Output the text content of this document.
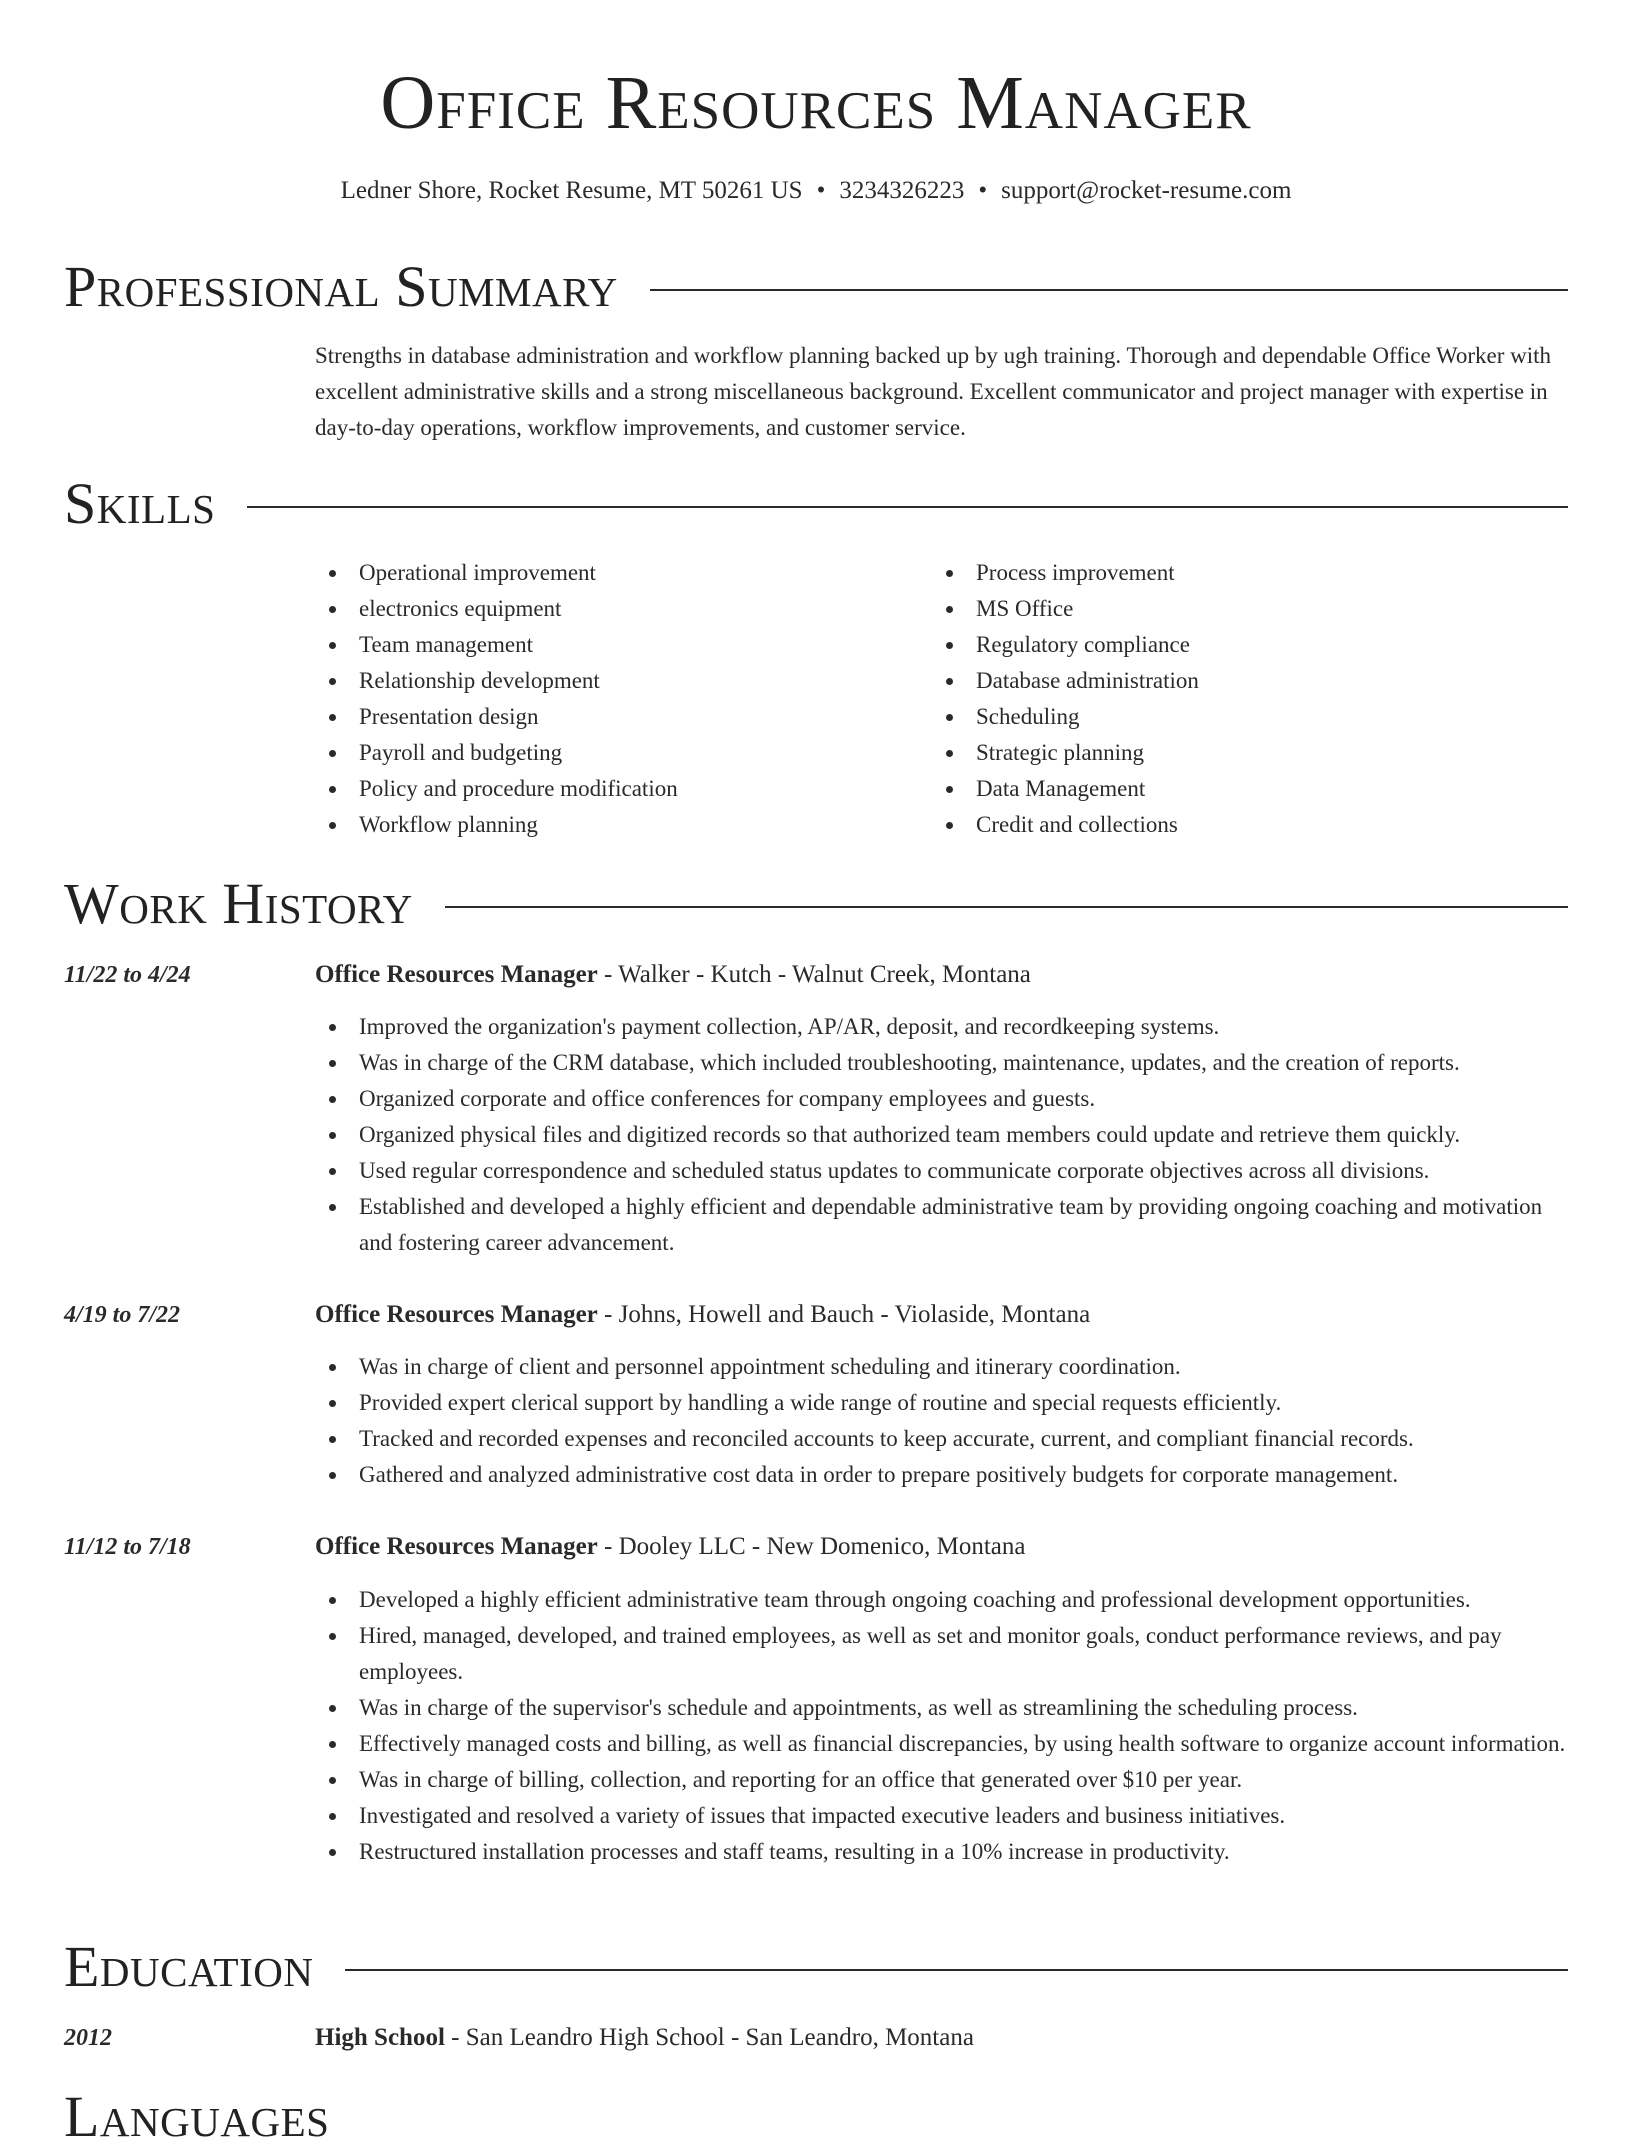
Office Resources Manager
Ledner Shore, Rocket Resume, MT 50261 US • 3234326223 • support@rocket-resume.com
Professional Summary
Strengths in database administration and workflow planning backed up by ugh training. Thorough and dependable Office Worker with excellent administrative skills and a strong miscellaneous background. Excellent communicator and project manager with expertise in day-to-day operations, workflow improvements, and customer service.
Skills
Operational improvement
electronics equipment
Team management
Relationship development
Presentation design
Payroll and budgeting
Policy and procedure modification
Workflow planning
Process improvement
MS Office
Regulatory compliance
Database administration
Scheduling
Strategic planning
Data Management
Credit and collections
Work History
11/22 to 4/24	Office Resources Manager - Walker - Kutch - Walnut Creek, Montana
Improved the organization's payment collection, AP/AR, deposit, and recordkeeping systems.
Was in charge of the CRM database, which included troubleshooting, maintenance, updates, and the creation of reports.
Organized corporate and office conferences for company employees and guests.
Organized physical files and digitized records so that authorized team members could update and retrieve them quickly.
Used regular correspondence and scheduled status updates to communicate corporate objectives across all divisions.
Established and developed a highly efficient and dependable administrative team by providing ongoing coaching and motivation and fostering career advancement.
4/19 to 7/22	Office Resources Manager - Johns, Howell and Bauch - Violaside, Montana
Was in charge of client and personnel appointment scheduling and itinerary coordination.
Provided expert clerical support by handling a wide range of routine and special requests efficiently.
Tracked and recorded expenses and reconciled accounts to keep accurate, current, and compliant financial records.
Gathered and analyzed administrative cost data in order to prepare positively budgets for corporate management.
11/12 to 7/18	Office Resources Manager - Dooley LLC - New Domenico, Montana
Developed a highly efficient administrative team through ongoing coaching and professional development opportunities.
Hired, managed, developed, and trained employees, as well as set and monitor goals, conduct performance reviews, and pay employees.
Was in charge of the supervisor's schedule and appointments, as well as streamlining the scheduling process.
Effectively managed costs and billing, as well as financial discrepancies, by using health software to organize account information.
Was in charge of billing, collection, and reporting for an office that generated over $10 per year.
Investigated and resolved a variety of issues that impacted executive leaders and business initiatives.
Restructured installation processes and staff teams, resulting in a 10% increase in productivity.
Education
2012	High School - San Leandro High School - San Leandro, Montana
Languages
